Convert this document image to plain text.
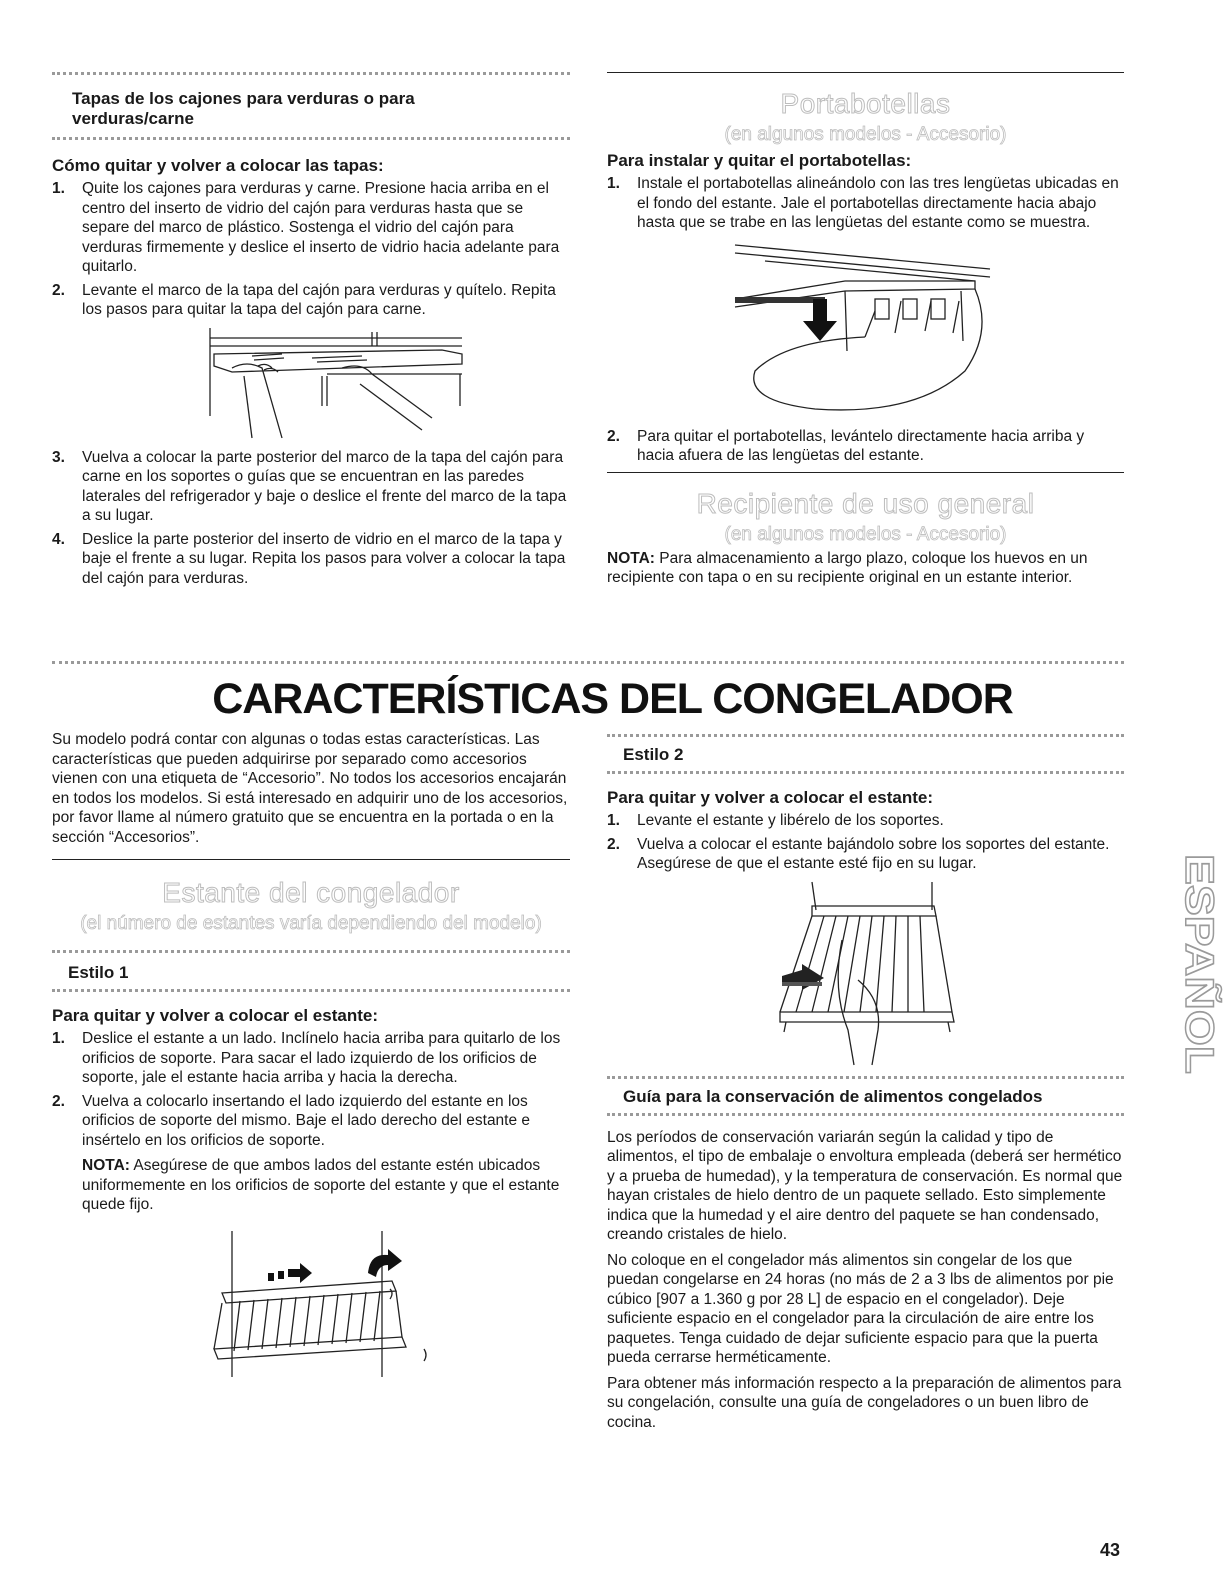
Tapas de los cajones para verduras o para verduras/carne
Cómo quitar y volver a colocar las tapas:
1. Quite los cajones para verduras y carne. Presione hacia arriba en el centro del inserto de vidrio del cajón para verduras hasta que se separe del marco de plástico. Sostenga el vidrio del cajón para verduras firmemente y deslice el inserto de vidrio hacia adelante para quitarlo.
2. Levante el marco de la tapa del cajón para verduras y quítelo. Repita los pasos para quitar la tapa del cajón para carne.
3. Vuelva a colocar la parte posterior del marco de la tapa del cajón para carne en los soportes o guías que se encuentran en las paredes laterales del refrigerador y baje o deslice el frente del marco de la tapa a su lugar.
4. Deslice la parte posterior del inserto de vidrio en el marco de la tapa y baje el frente a su lugar. Repita los pasos para volver a colocar la tapa del cajón para verduras.
Portabotellas
(en algunos modelos - Accesorio)
Para instalar y quitar el portabotellas:
1. Instale el portabotellas alineándolo con las tres lengüetas ubicadas en el fondo del estante. Jale el portabotellas directamente hacia abajo hasta que se trabe en las lengüetas del estante como se muestra.
2. Para quitar el portabotellas, levántelo directamente hacia arriba y hacia afuera de las lengüetas del estante.
Recipiente de uso general
(en algunos modelos - Accesorio)

NOTA: Para almacenamiento a largo plazo, coloque los huevos en un recipiente con tapa o en su recipiente original en un estante interior.

CARACTERÍSTICAS DEL CONGELADOR

Su modelo podrá contar con algunas o todas estas características. Las características que pueden adquirirse por separado como accesorios vienen con una etiqueta de “Accesorio”. No todos los accesorios encajarán en todos los modelos. Si está interesado en adquirir uno de los accesorios, por favor llame al número gratuito que se encuentra en la portada o en la sección “Accesorios”.

Estante del congelador
(el número de estantes varía dependiendo del modelo)
Estilo 1
Para quitar y volver a colocar el estante:
1. Deslice el estante a un lado. Inclínelo hacia arriba para quitarlo de los orificios de soporte. Para sacar el lado izquierdo de los orificios de soporte, jale el estante hacia arriba y hacia la derecha.
2. Vuelva a colocarlo insertando el lado izquierdo del estante en los orificios de soporte del mismo. Baje el lado derecho del estante e insértelo en los orificios de soporte.

NOTA: Asegúrese de que ambos lados del estante estén ubicados uniformemente en los orificios de soporte del estante y que el estante quede fijo.

Estilo 2
Para quitar y volver a colocar el estante:
1. Levante el estante y libérelo de los soportes.
2. Vuelva a colocar el estante bajándolo sobre los soportes del estante. Asegúrese de que el estante esté fijo en su lugar.
Guía para la conservación de alimentos congelados

Los períodos de conservación variarán según la calidad y tipo de alimentos, el tipo de embalaje o envoltura empleada (deberá ser hermético y a prueba de humedad), y la temperatura de conservación. Es normal que hayan cristales de hielo dentro de un paquete sellado. Esto simplemente indica que la humedad y el aire dentro del paquete se han condensado, creando cristales de hielo.

No coloque en el congelador más alimentos sin congelar de los que puedan congelarse en 24 horas (no más de 2 a 3 lbs de alimentos por pie cúbico [907 a 1.360 g por 28 L] de espacio en el congelador). Deje suficiente espacio en el congelador para la circulación de aire entre los paquetes. Tenga cuidado de dejar suficiente espacio para que la puerta pueda cerrarse herméticamente.

Para obtener más información respecto a la preparación de alimentos para su congelación, consulte una guía de congeladores o un buen libro de cocina.

ESPAÑOL
43
